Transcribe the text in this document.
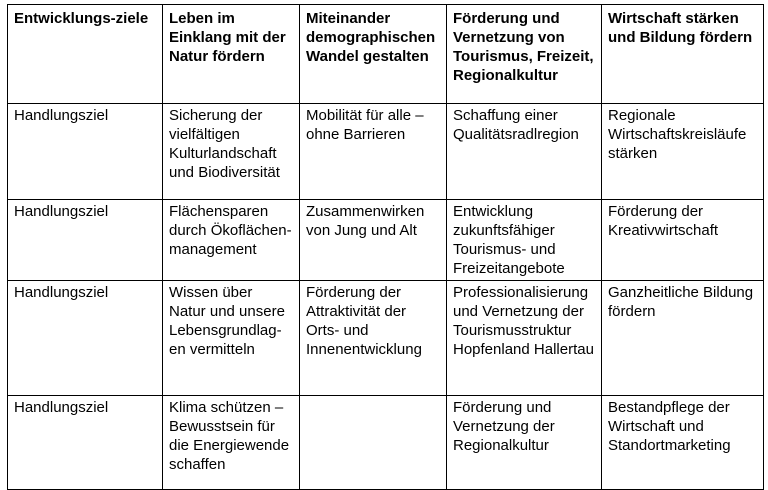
Entwicklungs-ziele	Leben im Einklang mit der Natur fördern	Miteinander demographischen Wandel gestalten	Förderung und Vernetzung von Tourismus, Freizeit, Regionalkultur	Wirtschaft stärken und Bildung fördern
Handlungsziel	Sicherung der vielfältigen Kulturlandschaft und Biodiversität	Mobilität für alle – ohne Barrieren	Schaffung einer Qualitätsradlregion	Regionale Wirtschaftskreisläufe stärken
Handlungsziel	Flächensparen durch Ökoflächen-management	Zusammenwirken von Jung und Alt	Entwicklung zukunftsfähiger Tourismus- und Freizeitangebote	Förderung der Kreativwirtschaft
Handlungsziel	Wissen über Natur und unsere Lebensgrundlagen vermitteln	Förderung der Attraktivität der Orts- und Innenentwicklung	Professionalisierung und Vernetzung der Tourismusstruktur Hopfenland Hallertau	Ganzheitliche Bildung fördern
Handlungsziel	Klima schützen – Bewusstsein für die Energiewende schaffen		Förderung und Vernetzung der Regionalkultur	Bestandpflege der Wirtschaft und Standortmarketing
